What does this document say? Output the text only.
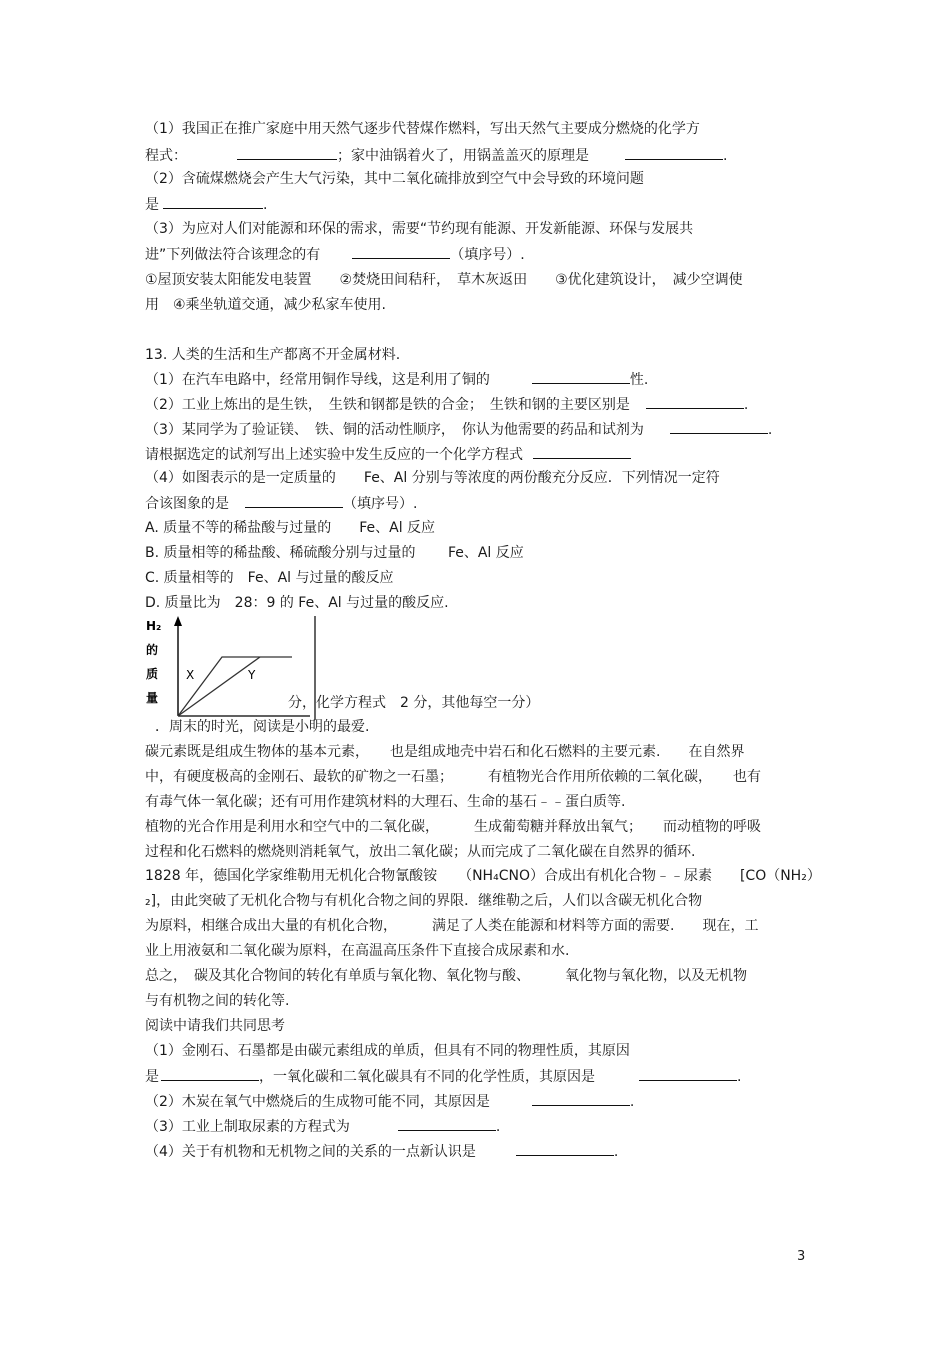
（1）我国正在推广家庭中用天然气逐步代替煤作燃料，写出天然气主要成分燃烧的化学方
程式：	；家中油锅着火了，用锅盖盖灭的原理是	.
（2）含硫煤燃烧会产生大气污染，其中二氧化硫排放到空气中会导致的环境问题
是	.
（3）为应对人们对能源和环保的需求，需要“节约现有能源、开发新能源、环保与发展共
进”下列做法符合该理念的有	（填序号）.
①屋顶安装太阳能发电装置　　②焚烧田间秸秆，　草木灰返田　　③优化建筑设计，　减少空调使
用　④乘坐轨道交通，减少私家车使用.
13. 人类的生活和生产都离不开金属材料.
（1）在汽车电路中，经常用铜作导线，这是利用了铜的	性.
（2）工业上炼出的是生铁，　生铁和钢都是铁的合金；　生铁和钢的主要区别是	.
（3）某同学为了验证镁、　铁、铜的活动性顺序，　你认为他需要的药品和试剂为	.
请根据选定的试剂写出上述实验中发生反应的一个化学方程式
（4）如图表示的是一定质量的　　Fe、Al 分别与等浓度的两份酸充分反应．下列情况一定符
合该图象的是	（填序号）.
A. 质量不等的稀盐酸与过量的　　Fe、Al 反应
B. 质量相等的稀盐酸、稀硫酸分别与过量的　　 Fe、Al 反应
C. 质量相等的　Fe、Al 与过量的酸反应
D. 质量比为　28：9 的 Fe、Al 与过量的酸反应.
H₂
的
质
量
X	Y
分，化学方程式　2 分，其他每空一分）
．周末的时光，阅读是小明的最爱.
碳元素既是组成生物体的基本元素，　　也是组成地壳中岩石和化石燃料的主要元素.　　在自然界
中，有硬度极高的金刚石、最软的矿物之一石墨；　　　有植物光合作用所依赖的二氧化碳，　　也有
有毒气体一氧化碳；还有可用作建筑材料的大理石、生命的基石﹣﹣蛋白质等.
植物的光合作用是利用水和空气中的二氧化碳，　　　生成葡萄糖并释放出氧气；　　而动植物的呼吸
过程和化石燃料的燃烧则消耗氧气，放出二氧化碳；从而完成了二氧化碳在自然界的循环.
1828 年，德国化学家维勒用无机化合物氰酸铵　　（NH₄CNO）合成出有机化合物﹣﹣尿素　　[CO（NH₂）
₂]，由此突破了无机化合物与有机化合物之间的界限．继维勒之后，人们以含碳无机化合物
为原料，相继合成出大量的有机化合物，　　　满足了人类在能源和材料等方面的需要.　　现在，工
业上用液氨和二氧化碳为原料，在高温高压条件下直接合成尿素和水.
总之，　碳及其化合物间的转化有单质与氧化物、氧化物与酸、　　　氧化物与氧化物，以及无机物
与有机物之间的转化等.
阅读中请我们共同思考
（1）金刚石、石墨都是由碳元素组成的单质，但具有不同的物理性质，其原因
是	，一氧化碳和二氧化碳具有不同的化学性质，其原因是	.
（2）木炭在氧气中燃烧后的生成物可能不同，其原因是	.
（3）工业上制取尿素的方程式为	.
（4）关于有机物和无机物之间的关系的一点新认识是	.
3
